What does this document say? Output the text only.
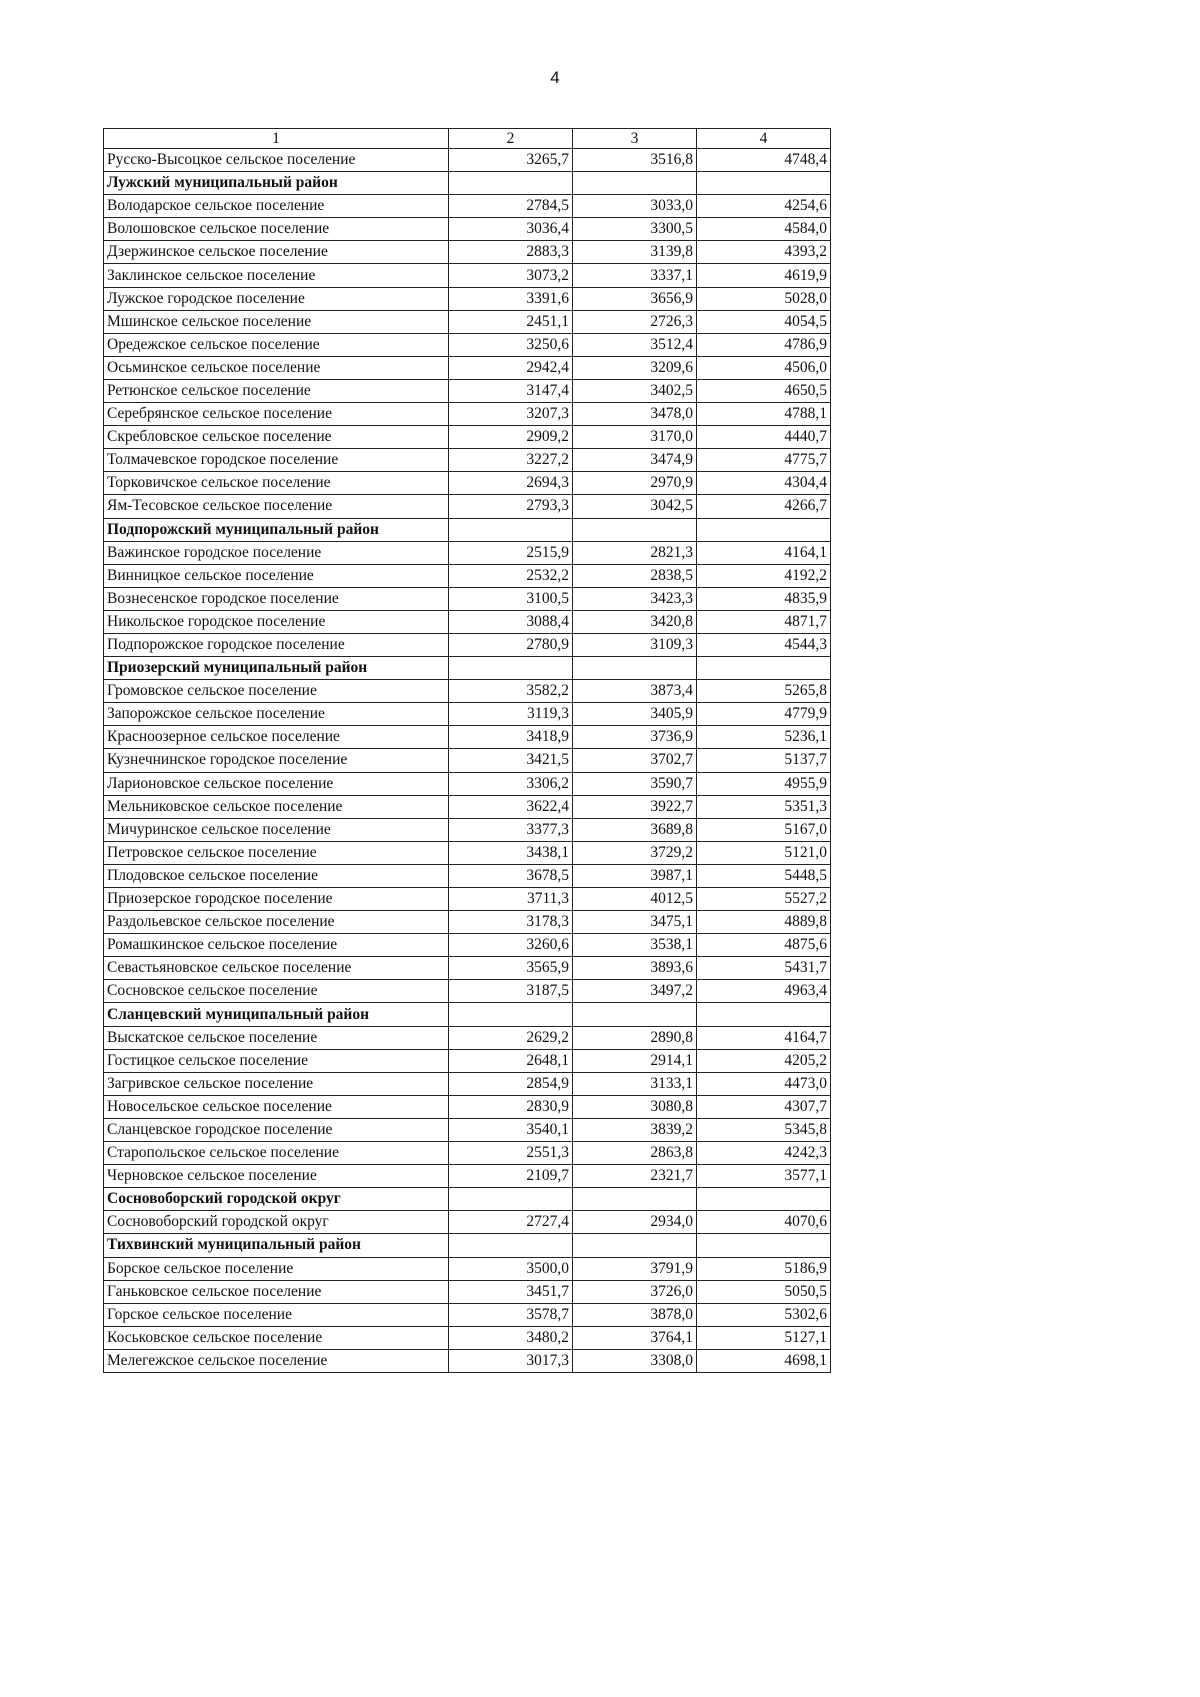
4
1	2	3	4
Русско-Высоцкое сельское поселение	3265,7	3516,8	4748,4
Лужский муниципальный район			
Володарское сельское поселение	2784,5	3033,0	4254,6
Волошовское сельское поселение	3036,4	3300,5	4584,0
Дзержинское сельское поселение	2883,3	3139,8	4393,2
Заклинское сельское поселение	3073,2	3337,1	4619,9
Лужское городское поселение	3391,6	3656,9	5028,0
Мшинское сельское поселение	2451,1	2726,3	4054,5
Оредежское сельское поселение	3250,6	3512,4	4786,9
Осьминское сельское поселение	2942,4	3209,6	4506,0
Ретюнское сельское поселение	3147,4	3402,5	4650,5
Серебрянское сельское поселение	3207,3	3478,0	4788,1
Скребловское сельское поселение	2909,2	3170,0	4440,7
Толмачевское городское поселение	3227,2	3474,9	4775,7
Торковичское сельское поселение	2694,3	2970,9	4304,4
Ям-Тесовское сельское поселение	2793,3	3042,5	4266,7
Подпорожский муниципальный район			
Важинское городское поселение	2515,9	2821,3	4164,1
Винницкое сельское поселение	2532,2	2838,5	4192,2
Вознесенское городское поселение	3100,5	3423,3	4835,9
Никольское городское поселение	3088,4	3420,8	4871,7
Подпорожское городское поселение	2780,9	3109,3	4544,3
Приозерский муниципальный район			
Громовское сельское поселение	3582,2	3873,4	5265,8
Запорожское сельское поселение	3119,3	3405,9	4779,9
Красноозерное сельское поселение	3418,9	3736,9	5236,1
Кузнечнинское городское поселение	3421,5	3702,7	5137,7
Ларионовское сельское поселение	3306,2	3590,7	4955,9
Мельниковское сельское поселение	3622,4	3922,7	5351,3
Мичуринское сельское поселение	3377,3	3689,8	5167,0
Петровское сельское поселение	3438,1	3729,2	5121,0
Плодовское сельское поселение	3678,5	3987,1	5448,5
Приозерское городское поселение	3711,3	4012,5	5527,2
Раздольевское сельское поселение	3178,3	3475,1	4889,8
Ромашкинское сельское поселение	3260,6	3538,1	4875,6
Севастьяновское сельское поселение	3565,9	3893,6	5431,7
Сосновское сельское поселение	3187,5	3497,2	4963,4
Сланцевский муниципальный район			
Выскатское сельское поселение	2629,2	2890,8	4164,7
Гостицкое сельское поселение	2648,1	2914,1	4205,2
Загривское сельское поселение	2854,9	3133,1	4473,0
Новосельское сельское поселение	2830,9	3080,8	4307,7
Сланцевское городское поселение	3540,1	3839,2	5345,8
Старопольское сельское поселение	2551,3	2863,8	4242,3
Черновское сельское поселение	2109,7	2321,7	3577,1
Сосновоборский городской округ			
Сосновоборский городской округ	2727,4	2934,0	4070,6
Тихвинский муниципальный район			
Борское сельское поселение	3500,0	3791,9	5186,9
Ганьковское сельское поселение	3451,7	3726,0	5050,5
Горское сельское поселение	3578,7	3878,0	5302,6
Коськовское сельское поселение	3480,2	3764,1	5127,1
Мелегежское сельское поселение	3017,3	3308,0	4698,1
